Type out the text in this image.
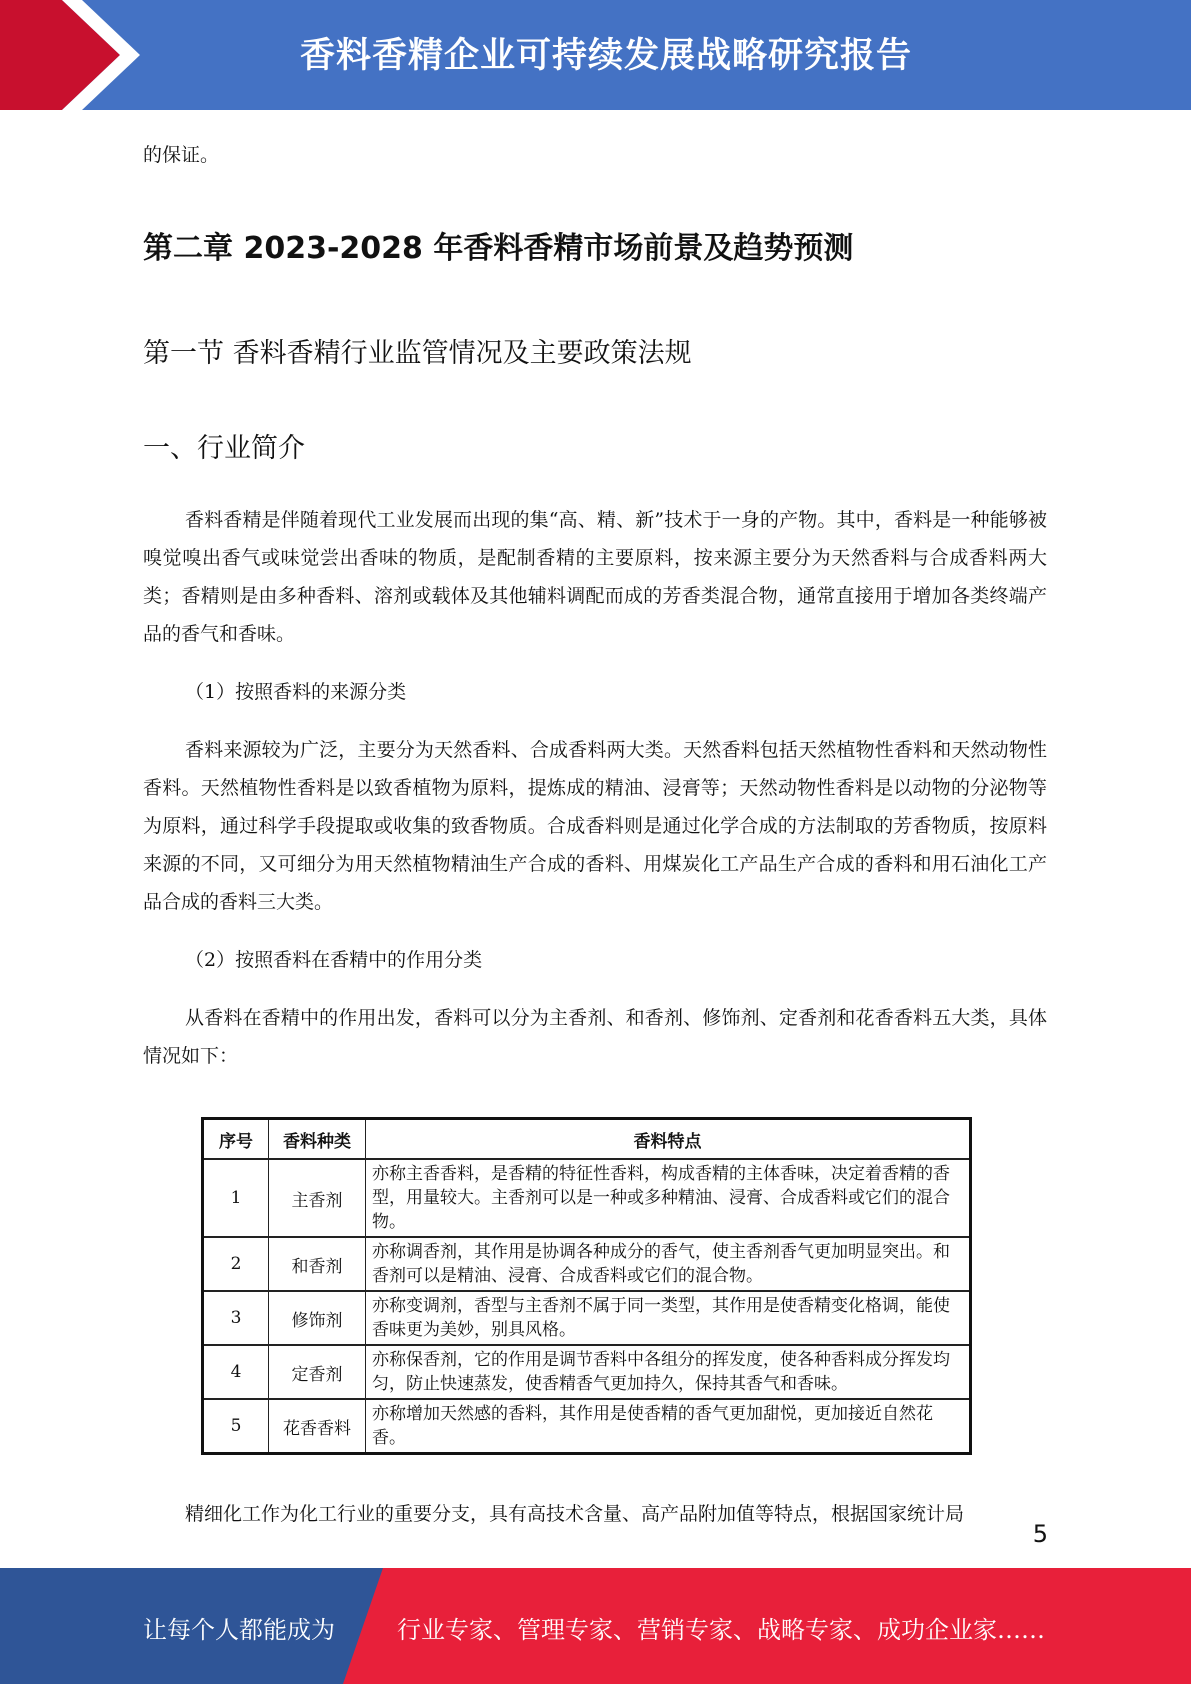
香料香精企业可持续发展战略研究报告

的保证。

第二章 2023-2028 年香料香精市场前景及趋势预测
第一节 香料香精行业监管情况及主要政策法规
一、行业简介

香料香精是伴随着现代工业发展而出现的集“高、精、新”技术于一身的产物。其中，香料是一种能够被嗅觉嗅出香气或味觉尝出香味的物质，是配制香精的主要原料，按来源主要分为天然香料与合成香料两大类；香精则是由多种香料、溶剂或载体及其他辅料调配而成的芳香类混合物，通常直接用于增加各类终端产品的香气和香味。

（1）按照香料的来源分类

香料来源较为广泛，主要分为天然香料、合成香料两大类。天然香料包括天然植物性香料和天然动物性香料。天然植物性香料是以致香植物为原料，提炼成的精油、浸膏等；天然动物性香料是以动物的分泌物等为原料，通过科学手段提取或收集的致香物质。合成香料则是通过化学合成的方法制取的芳香物质，按原料来源的不同，又可细分为用天然植物精油生产合成的香料、用煤炭化工产品生产合成的香料和用石油化工产品合成的香料三大类。

（2）按照香料在香精中的作用分类

从香料在香精中的作用出发，香料可以分为主香剂、和香剂、修饰剂、定香剂和花香香料五大类，具体情况如下：

序号	香料种类	香料特点
1	主香剂	亦称主香香料，是香精的特征性香料，构成香精的主体香味，决定着香精的香型，用量较大。主香剂可以是一种或多种精油、浸膏、合成香料或它们的混合物。
2	和香剂	亦称调香剂，其作用是协调各种成分的香气，使主香剂香气更加明显突出。和香剂可以是精油、浸膏、合成香料或它们的混合物。
3	修饰剂	亦称变调剂，香型与主香剂不属于同一类型，其作用是使香精变化格调，能使香味更为美妙，别具风格。
4	定香剂	亦称保香剂，它的作用是调节香料中各组分的挥发度，使各种香料成分挥发均匀，防止快速蒸发，使香精香气更加持久，保持其香气和香味。
5	花香香料	亦称增加天然感的香料，其作用是使香精的香气更加甜悦，更加接近自然花香。

精细化工作为化工行业的重要分支，具有高技术含量、高产品附加值等特点，根据国家统计局

5
让每个人都能成为	行业专家、管理专家、营销专家、战略专家、成功企业家……
